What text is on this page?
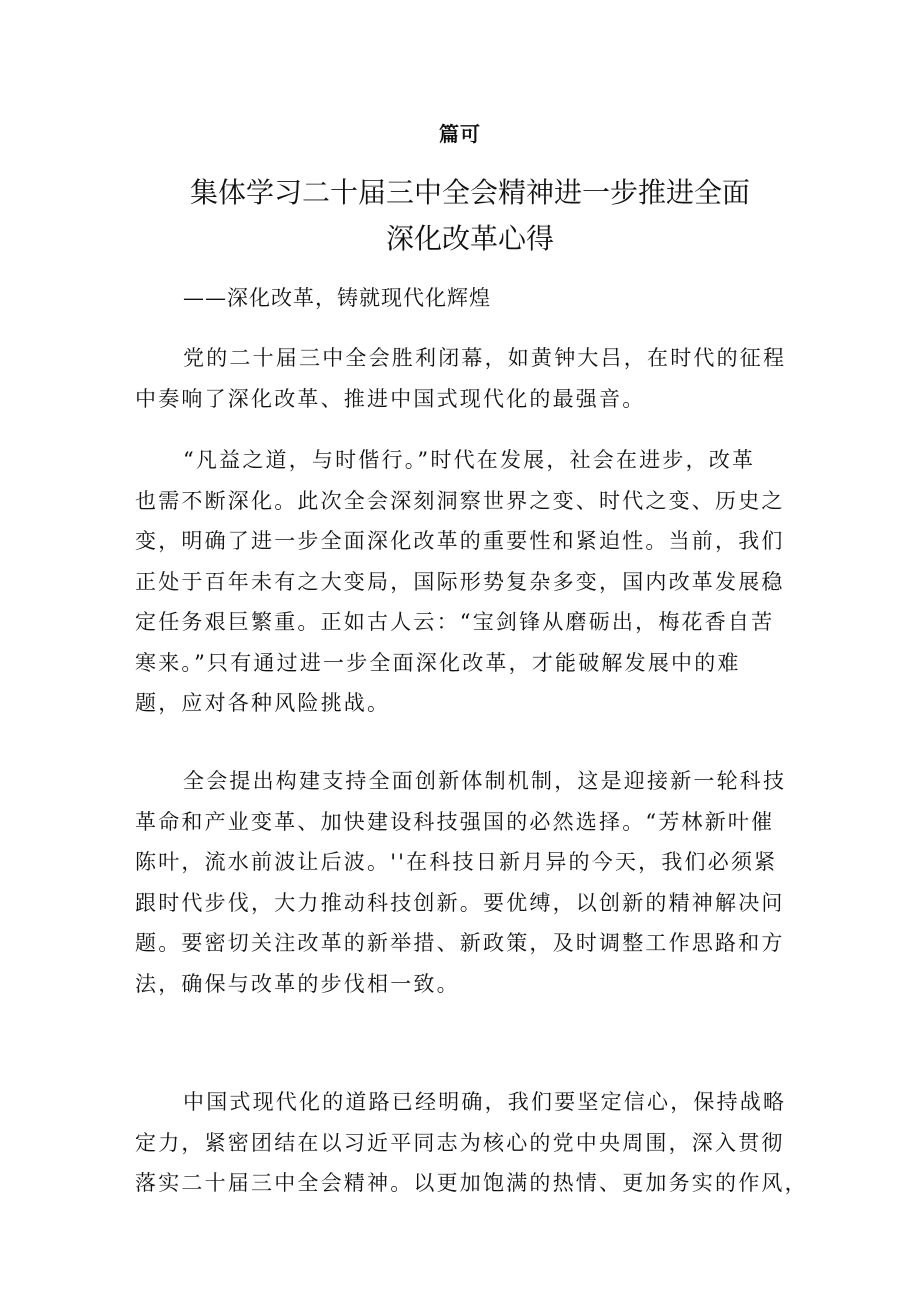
篇可
集体学习二十届三中全会精神进一步推进全面
深化改革心得
——深化改革，铸就现代化辉煌
党的二十届三中全会胜利闭幕，如黄钟大吕，在时代的征程
中奏响了深化改革、推进中国式现代化的最强音。
“凡益之道，与时偕行。”时代在发展，社会在进步，改革
也需不断深化。此次全会深刻洞察世界之变、时代之变、历史之
变，明确了进一步全面深化改革的重要性和紧迫性。当前，我们
正处于百年未有之大变局，国际形势复杂多变，国内改革发展稳
定任务艰巨繁重。正如古人云：“宝剑锋从磨砺出，梅花香自苦
寒来。”只有通过进一步全面深化改革，才能破解发展中的难
题，应对各种风险挑战。
全会提出构建支持全面创新体制机制，这是迎接新一轮科技
革命和产业变革、加快建设科技强国的必然选择。“芳林新叶催
陈叶，流水前波让后波。''在科技日新月异的今天，我们必须紧
跟时代步伐，大力推动科技创新。要优缚，以创新的精神解决问
题。要密切关注改革的新举措、新政策，及时调整工作思路和方
法，确保与改革的步伐相一致。
中国式现代化的道路已经明确，我们要坚定信心，保持战略
定力，紧密团结在以习近平同志为核心的党中央周围，深入贯彻
落实二十届三中全会精神。以更加饱满的热情、更加务实的作风，
